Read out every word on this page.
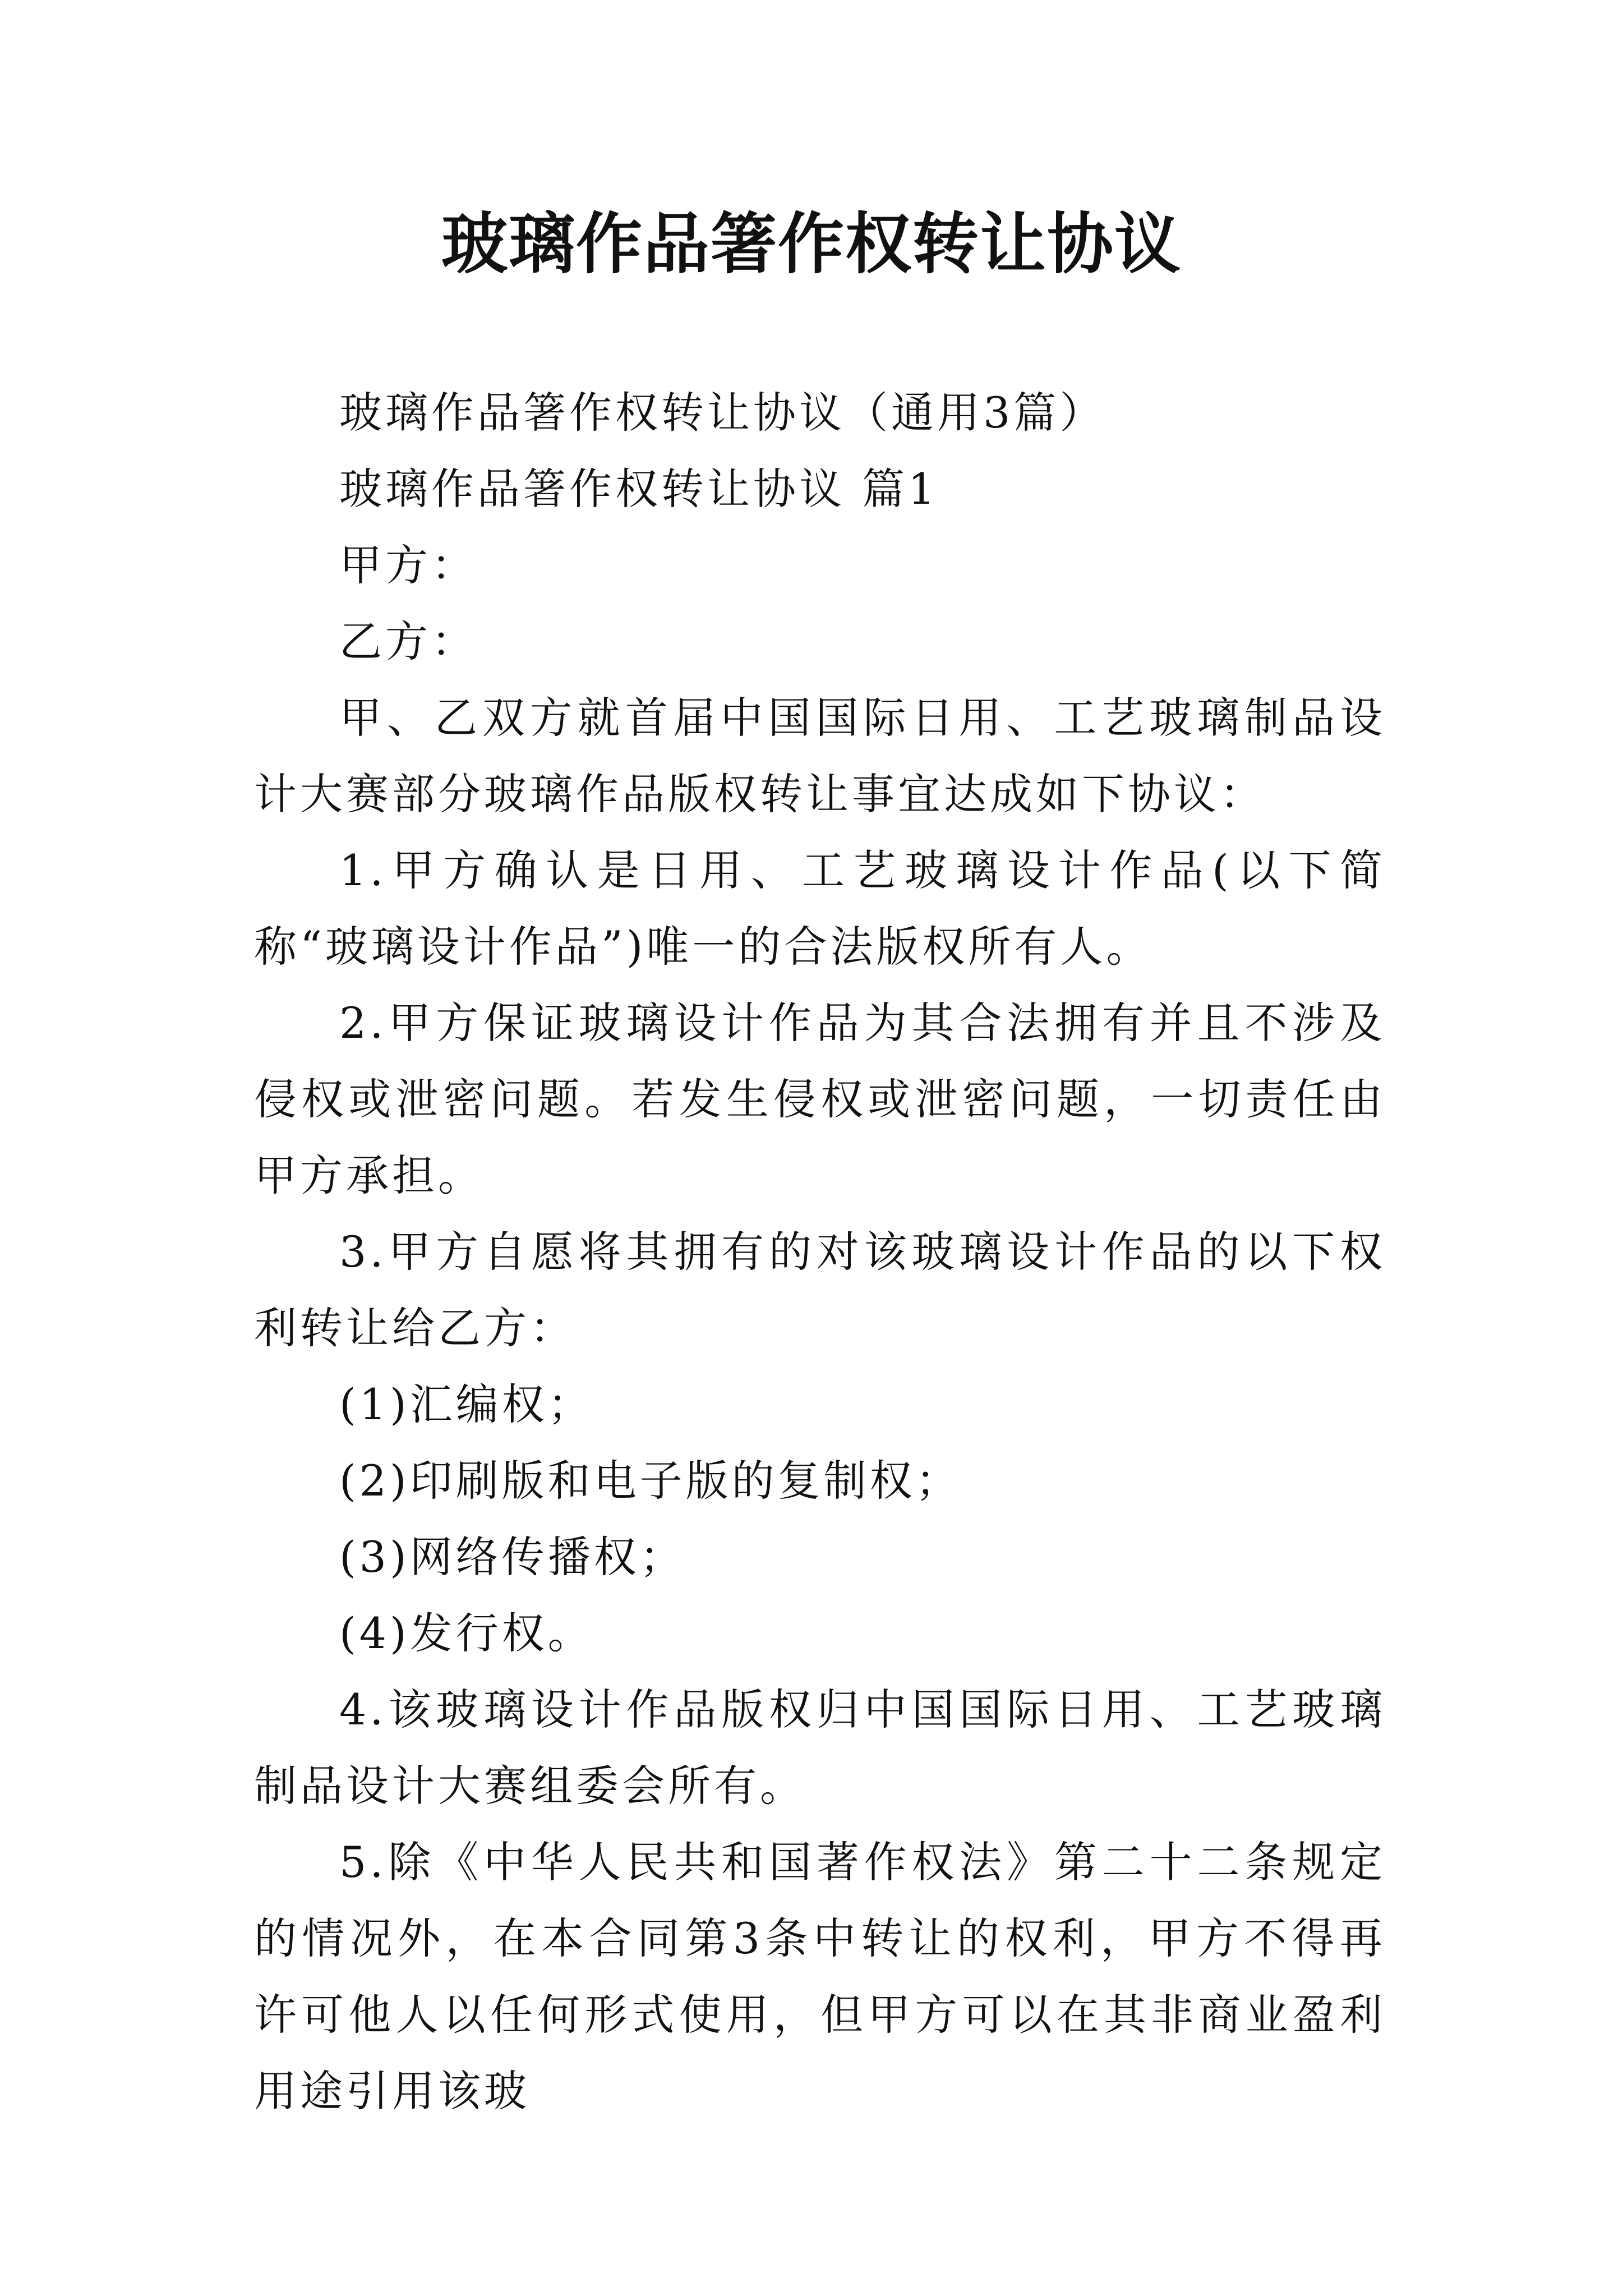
玻璃作品箸作权转让协议

玻璃作品箸作权转让协议（通用3篇）

玻璃作品箸作权转让协议 篇1

甲方：

乙方：

甲、乙双方就首届中国国际日用、工艺玻璃制品设计大赛部分玻璃作品版权转让事宜达成如下协议：

1.甲方确认是日用、工艺玻璃设计作品(以下简称“玻璃设计作品”)唯一的合法版权所有人。

2.甲方保证玻璃设计作品为其合法拥有并且不涉及侵权或泄密问题。若发生侵权或泄密问题，一切责任由甲方承担。

3.甲方自愿将其拥有的对该玻璃设计作品的以下权利转让给乙方：

(1)汇编权；

(2)印刷版和电子版的复制权；

(3)网络传播权；

(4)发行权。

4.该玻璃设计作品版权归中国国际日用、工艺玻璃制品设计大赛组委会所有。

5.除《中华人民共和国著作权法》第二十二条规定的情况外，在本合同第3条中转让的权利，甲方不得再许可他人以任何形式使用，但甲方可以在其非商业盈利用途引用该玻
